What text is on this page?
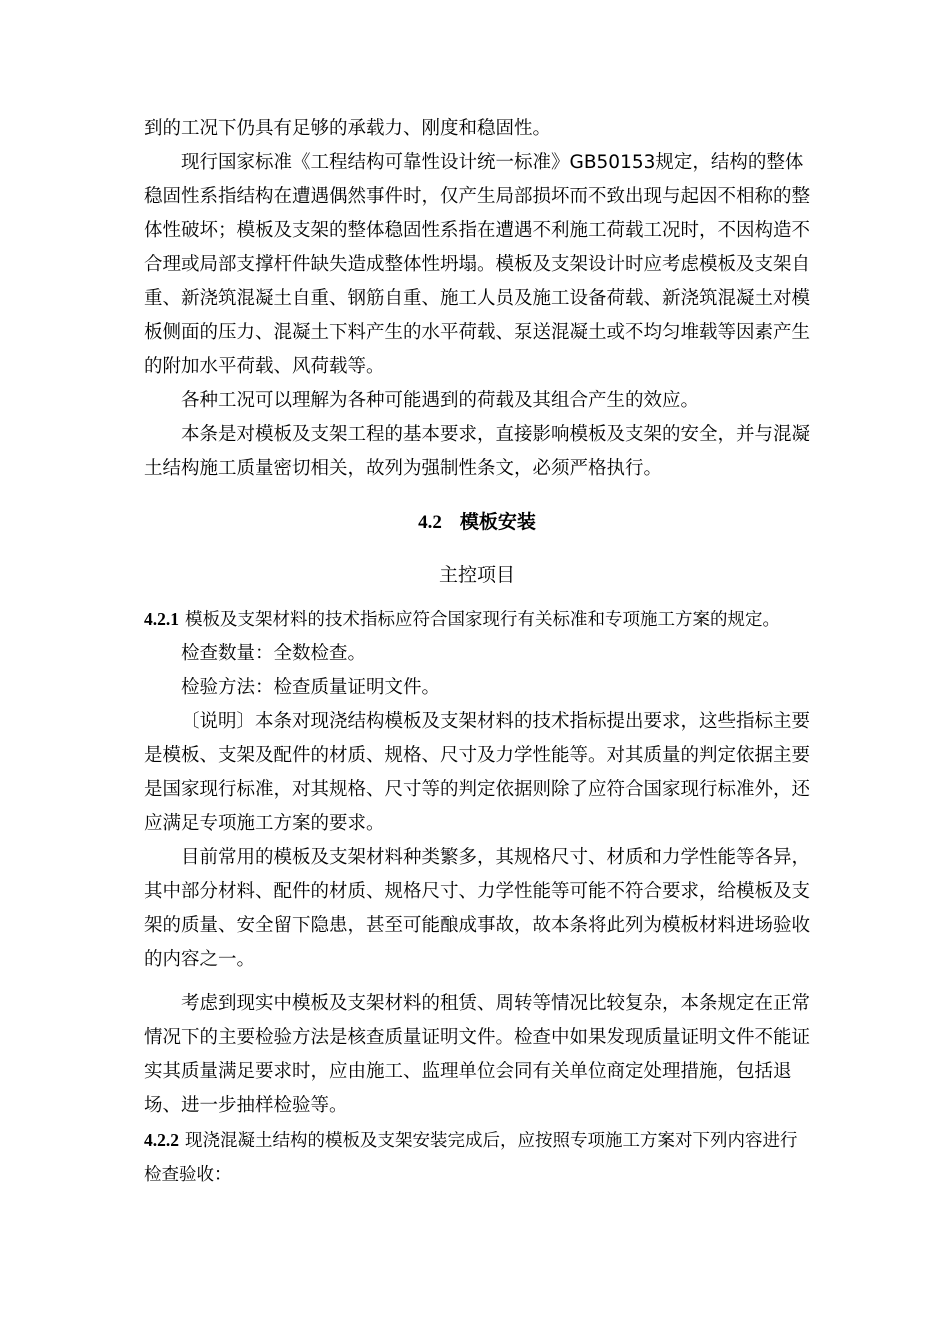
到的工况下仍具有足够的承载力、刚度和稳固性。

现行国家标准《工程结构可靠性设计统一标准》GB50153规定，结构的整体稳固性系指结构在遭遇偶然事件时，仅产生局部损坏而不致出现与起因不相称的整体性破坏；模板及支架的整体稳固性系指在遭遇不利施工荷载工况时，不因构造不合理或局部支撑杆件缺失造成整体性坍塌。模板及支架设计时应考虑模板及支架自重、新浇筑混凝土自重、钢筋自重、施工人员及施工设备荷载、新浇筑混凝土对模板侧面的压力、混凝土下料产生的水平荷载、泵送混凝土或不均匀堆载等因素产生的附加水平荷载、风荷载等。

各种工况可以理解为各种可能遇到的荷载及其组合产生的效应。

本条是对模板及支架工程的基本要求，直接影响模板及支架的安全，并与混凝土结构施工质量密切相关，故列为强制性条文，必须严格执行。

4.2 模板安装
主控项目

4.2.1 模板及支架材料的技术指标应符合国家现行有关标准和专项施工方案的规定。

检查数量：全数检查。

检验方法：检查质量证明文件。

〔说明〕本条对现浇结构模板及支架材料的技术指标提出要求，这些指标主要是模板、支架及配件的材质、规格、尺寸及力学性能等。对其质量的判定依据主要是国家现行标准，对其规格、尺寸等的判定依据则除了应符合国家现行标准外，还应满足专项施工方案的要求。

目前常用的模板及支架材料种类繁多，其规格尺寸、材质和力学性能等各异，其中部分材料、配件的材质、规格尺寸、力学性能等可能不符合要求，给模板及支架的质量、安全留下隐患，甚至可能酿成事故，故本条将此列为模板材料进场验收的内容之一。

考虑到现实中模板及支架材料的租赁、周转等情况比较复杂，本条规定在正常情况下的主要检验方法是核查质量证明文件。检查中如果发现质量证明文件不能证实其质量满足要求时，应由施工、监理单位会同有关单位商定处理措施，包括退场、进一步抽样检验等。

4.2.2 现浇混凝土结构的模板及支架安装完成后，应按照专项施工方案对下列内容进行检查验收：
